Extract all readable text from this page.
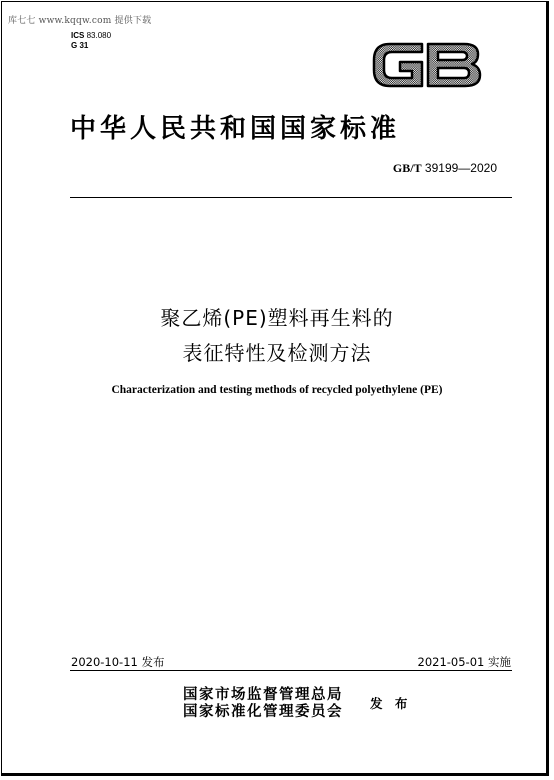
库七七 www.kqqw.com 提供下载
ICS 83.080
G 31
中华人民共和国国家标准
GB/T 39199—2020
聚乙烯(PE)塑料再生料的
表征特性及检测方法
Characterization and testing methods of recycled polyethylene (PE)
2020-10-11 发布	2021-05-01 实施
国家市场监督管理总局
国家标准化管理委员会 发 布
